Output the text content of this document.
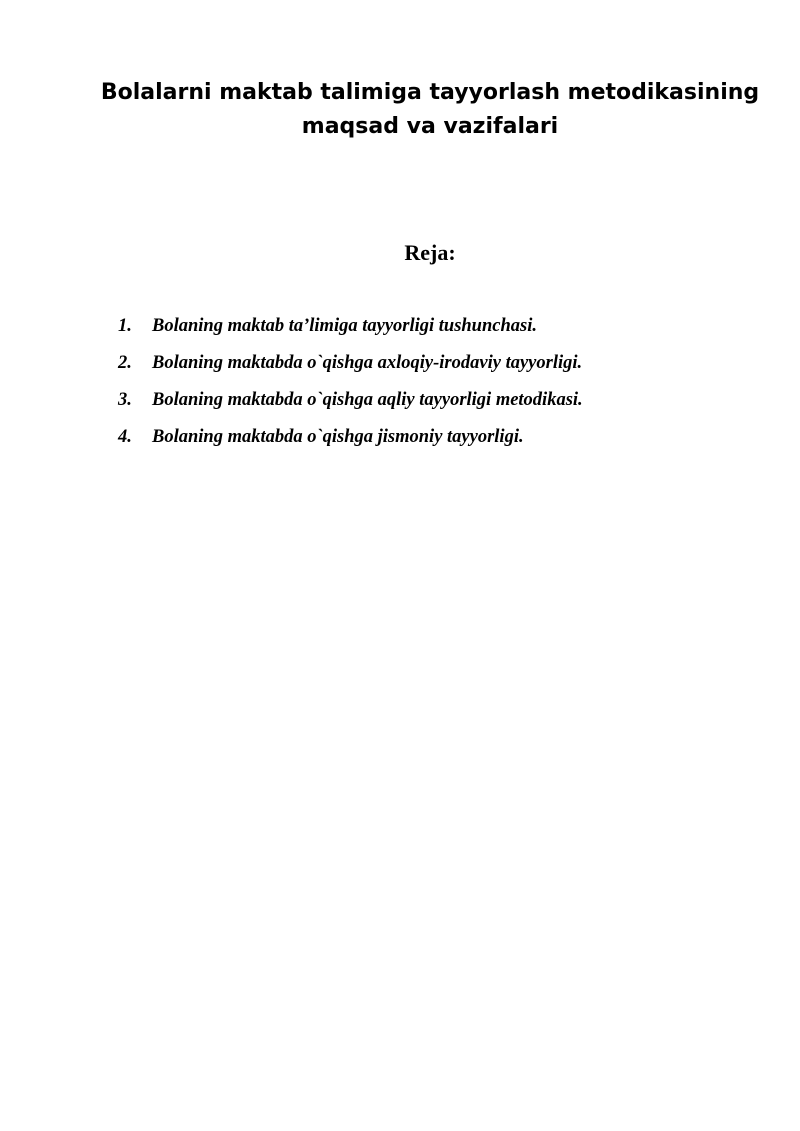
Bolalarni maktab talimiga tayyorlash metodikasining maqsad va vazifalari
Reja:
1.	Bolaning maktab ta’limiga tayyorligi tushunchasi.
2.	Bolaning maktabda o`qishga axloqiy-irodaviy tayyorligi.
3.	Bolaning maktabda o`qishga aqliy tayyorligi metodikasi.
4.	Bolaning maktabda o`qishga jismoniy tayyorligi.
